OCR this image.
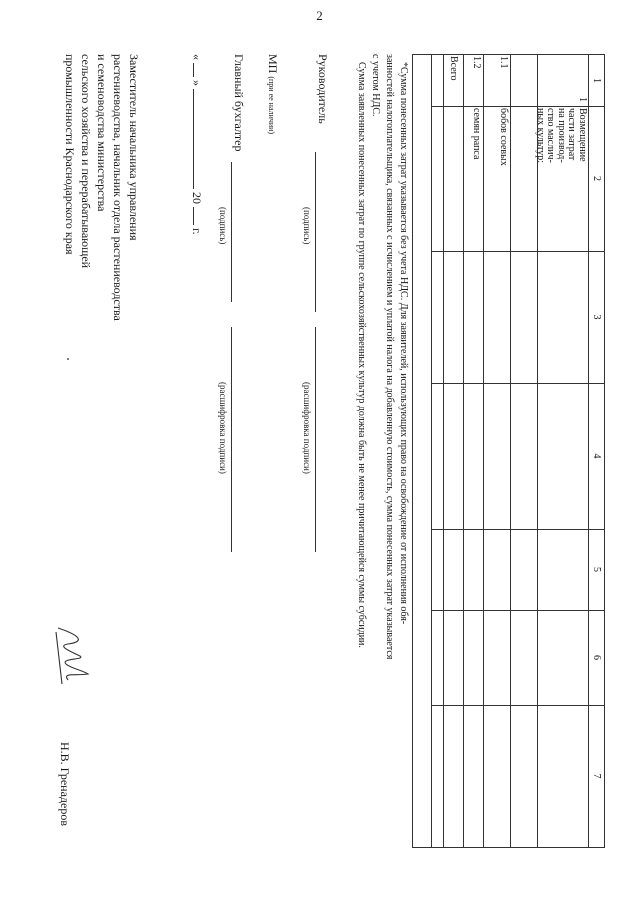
2
1
2
3
4
5
6
7
1
Возмещение
части затрат
на производ-
ство маслич-
ных культур:
1.1
бобов соевых
1.2
семян рапса
Всего

*Сумма понесенных затрат указывается без учета НДС. Для заявителей, использующих право на освобождение от исполнения обя-

занностей налогоплательщика, связанных с исчислением и уплатой налога на добавленную стоимость, сумма понесенных затрат указывается

с учетом НДС.

Сумма заявленных понесенных затрат по группе сельскохозяйственных культур должна быть не менее причитающейся суммы субсидии.

Руководитель
(подпись)
(расшифровка подписи)
МП (при ее наличии)
Главный бухгалтер
(подпись)
(расшифровка подписи)
«  »  20  г.
Заместитель начальника управления
растениеводства, начальник отдела растениеводства
и семеноводства министерства
сельского хозяйства и перерабатывающей
промышленности Краснодарского края
Н.В. Гренадеров
